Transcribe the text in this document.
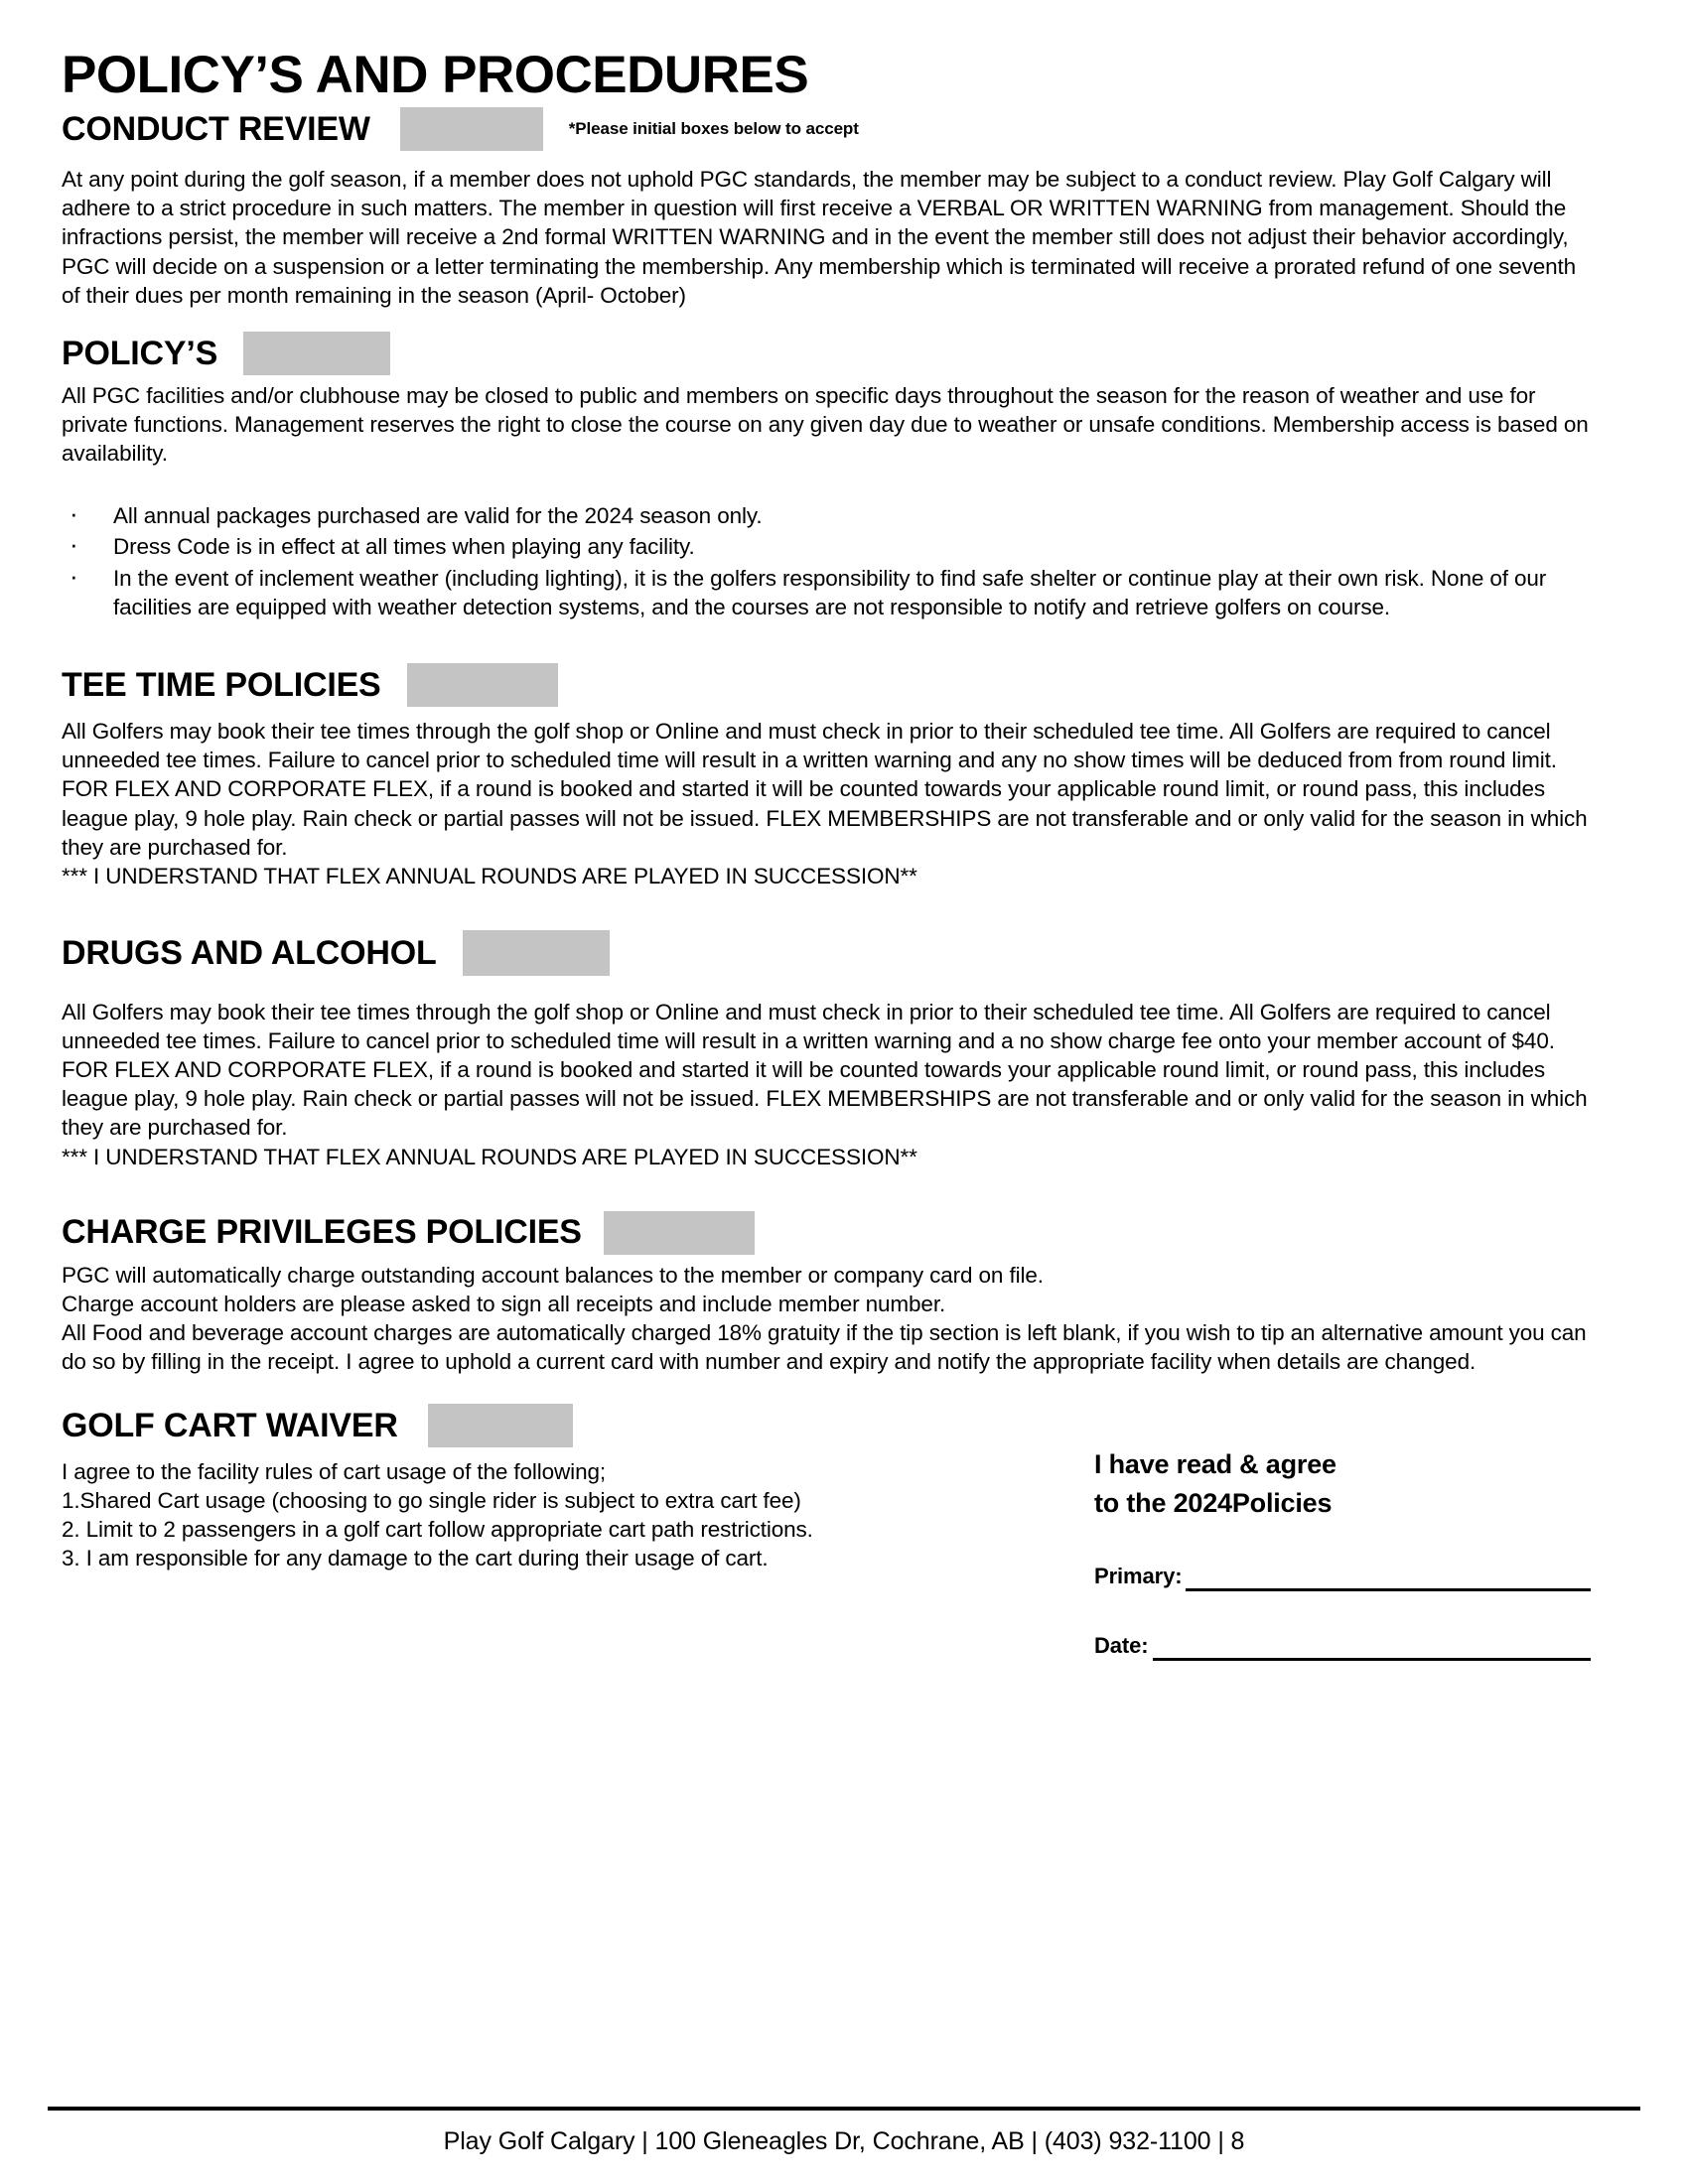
POLICY’S AND PROCEDURES
CONDUCT REVIEW	*Please initial boxes below to accept

At any point during the golf season, if a member does not uphold PGC standards, the member may be subject to a conduct review. Play Golf Calgary will adhere to a strict procedure in such matters. The member in question will first receive a VERBAL OR WRITTEN WARNING from management. Should the infractions persist, the member will receive a 2nd formal WRITTEN WARNING and in the event the member still does not adjust their behavior accordingly, PGC will decide on a suspension or a letter terminating the membership. Any membership which is terminated will receive a prorated refund of one seventh of their dues per month remaining in the season (April- October)

POLICY’S

All PGC facilities and/or clubhouse may be closed to public and members on specific days throughout the season for the reason of weather and use for private functions. Management reserves the right to close the course on any given day due to weather or unsafe conditions. Membership access is based on availability.

· All annual packages purchased are valid for the 2024 season only.
· Dress Code is in effect at all times when playing any facility.
· In the event of inclement weather (including lighting), it is the golfers responsibility to find safe shelter or continue play at their own risk. None of our facilities are equipped with weather detection systems, and the courses are not responsible to notify and retrieve golfers on course.
TEE TIME POLICIES

All Golfers may book their tee times through the golf shop or Online and must check in prior to their scheduled tee time. All Golfers are required to cancel unneeded tee times. Failure to cancel prior to scheduled time will result in a written warning and any no show times will be deduced from from round limit. FOR FLEX AND CORPORATE FLEX, if a round is booked and started it will be counted towards your applicable round limit, or round pass, this includes league play, 9 hole play. Rain check or partial passes will not be issued. FLEX MEMBERSHIPS are not transferable and or only valid for the season in which they are purchased for.

*** I UNDERSTAND THAT FLEX ANNUAL ROUNDS ARE PLAYED IN SUCCESSION**

DRUGS AND ALCOHOL

All Golfers may book their tee times through the golf shop or Online and must check in prior to their scheduled tee time. All Golfers are required to cancel unneeded tee times. Failure to cancel prior to scheduled time will result in a written warning and a no show charge fee onto your member account of $40. FOR FLEX AND CORPORATE FLEX, if a round is booked and started it will be counted towards your applicable round limit, or round pass, this includes league play, 9 hole play. Rain check or partial passes will not be issued. FLEX MEMBERSHIPS are not transferable and or only valid for the season in which they are purchased for.

*** I UNDERSTAND THAT FLEX ANNUAL ROUNDS ARE PLAYED IN SUCCESSION**

CHARGE PRIVILEGES POLICIES

PGC will automatically charge outstanding account balances to the member or company card on file.

Charge account holders are please asked to sign all receipts and include member number.

All Food and beverage account charges are automatically charged 18% gratuity if the tip section is left blank, if you wish to tip an alternative amount you can do so by filling in the receipt. I agree to uphold a current card with number and expiry and notify the appropriate facility when details are changed.

GOLF CART WAIVER

I agree to the facility rules of cart usage of the following;

1.Shared Cart usage (choosing to go single rider is subject to extra cart fee)

2. Limit to 2 passengers in a golf cart follow appropriate cart path restrictions.

3. I am responsible for any damage to the cart during their usage of cart.

I have read & agree
to the 2024Policies
Primary:
Date:
Play Golf Calgary | 100 Gleneagles Dr, Cochrane, AB | (403) 932-1100 | 8
